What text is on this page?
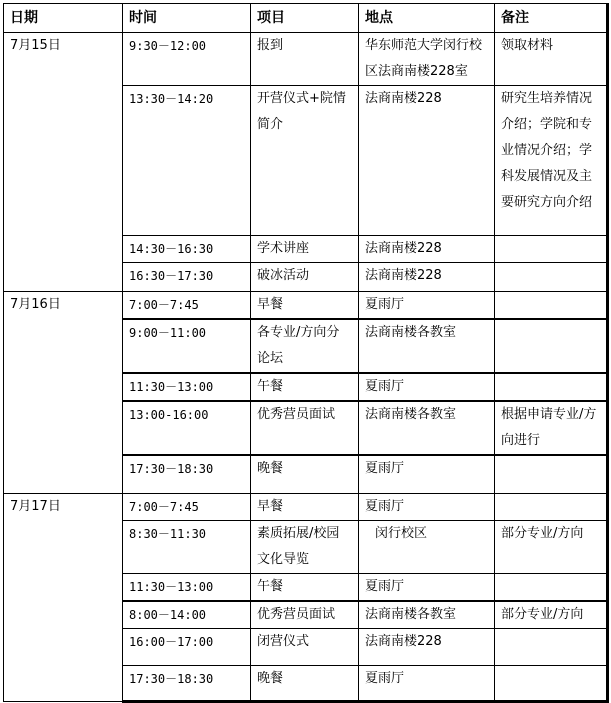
日期	时间	项目	地点	备注
7月15日	9:30－12:00	报到	华东师范大学闵行校区法商南楼228室	领取材料
	13:30－14:20	开营仪式+院情简介	法商南楼228	研究生培养情况介绍；学院和专业情况介绍；学科发展情况及主要研究方向介绍
	14:30－16:30	学术讲座	法商南楼228	
	16:30－17:30	破冰活动	法商南楼228	
7月16日	7:00－7:45	早餐	夏雨厅	
	9:00－11:00	各专业/方向分论坛	法商南楼各教室	
	11:30－13:00	午餐	夏雨厅	
	13:00-16:00	优秀营员面试	法商南楼各教室	根据申请专业/方向进行
	17:30－18:30	晚餐	夏雨厅	
7月17日	7:00－7:45	早餐	夏雨厅	
	8:30－11:30	素质拓展/校园文化导览	闵行校区	部分专业/方向
	11:30－13:00	午餐	夏雨厅	
	8:00－14:00	优秀营员面试	法商南楼各教室	部分专业/方向
	16:00－17:00	闭营仪式	法商南楼228	
	17:30－18:30	晚餐	夏雨厅	
